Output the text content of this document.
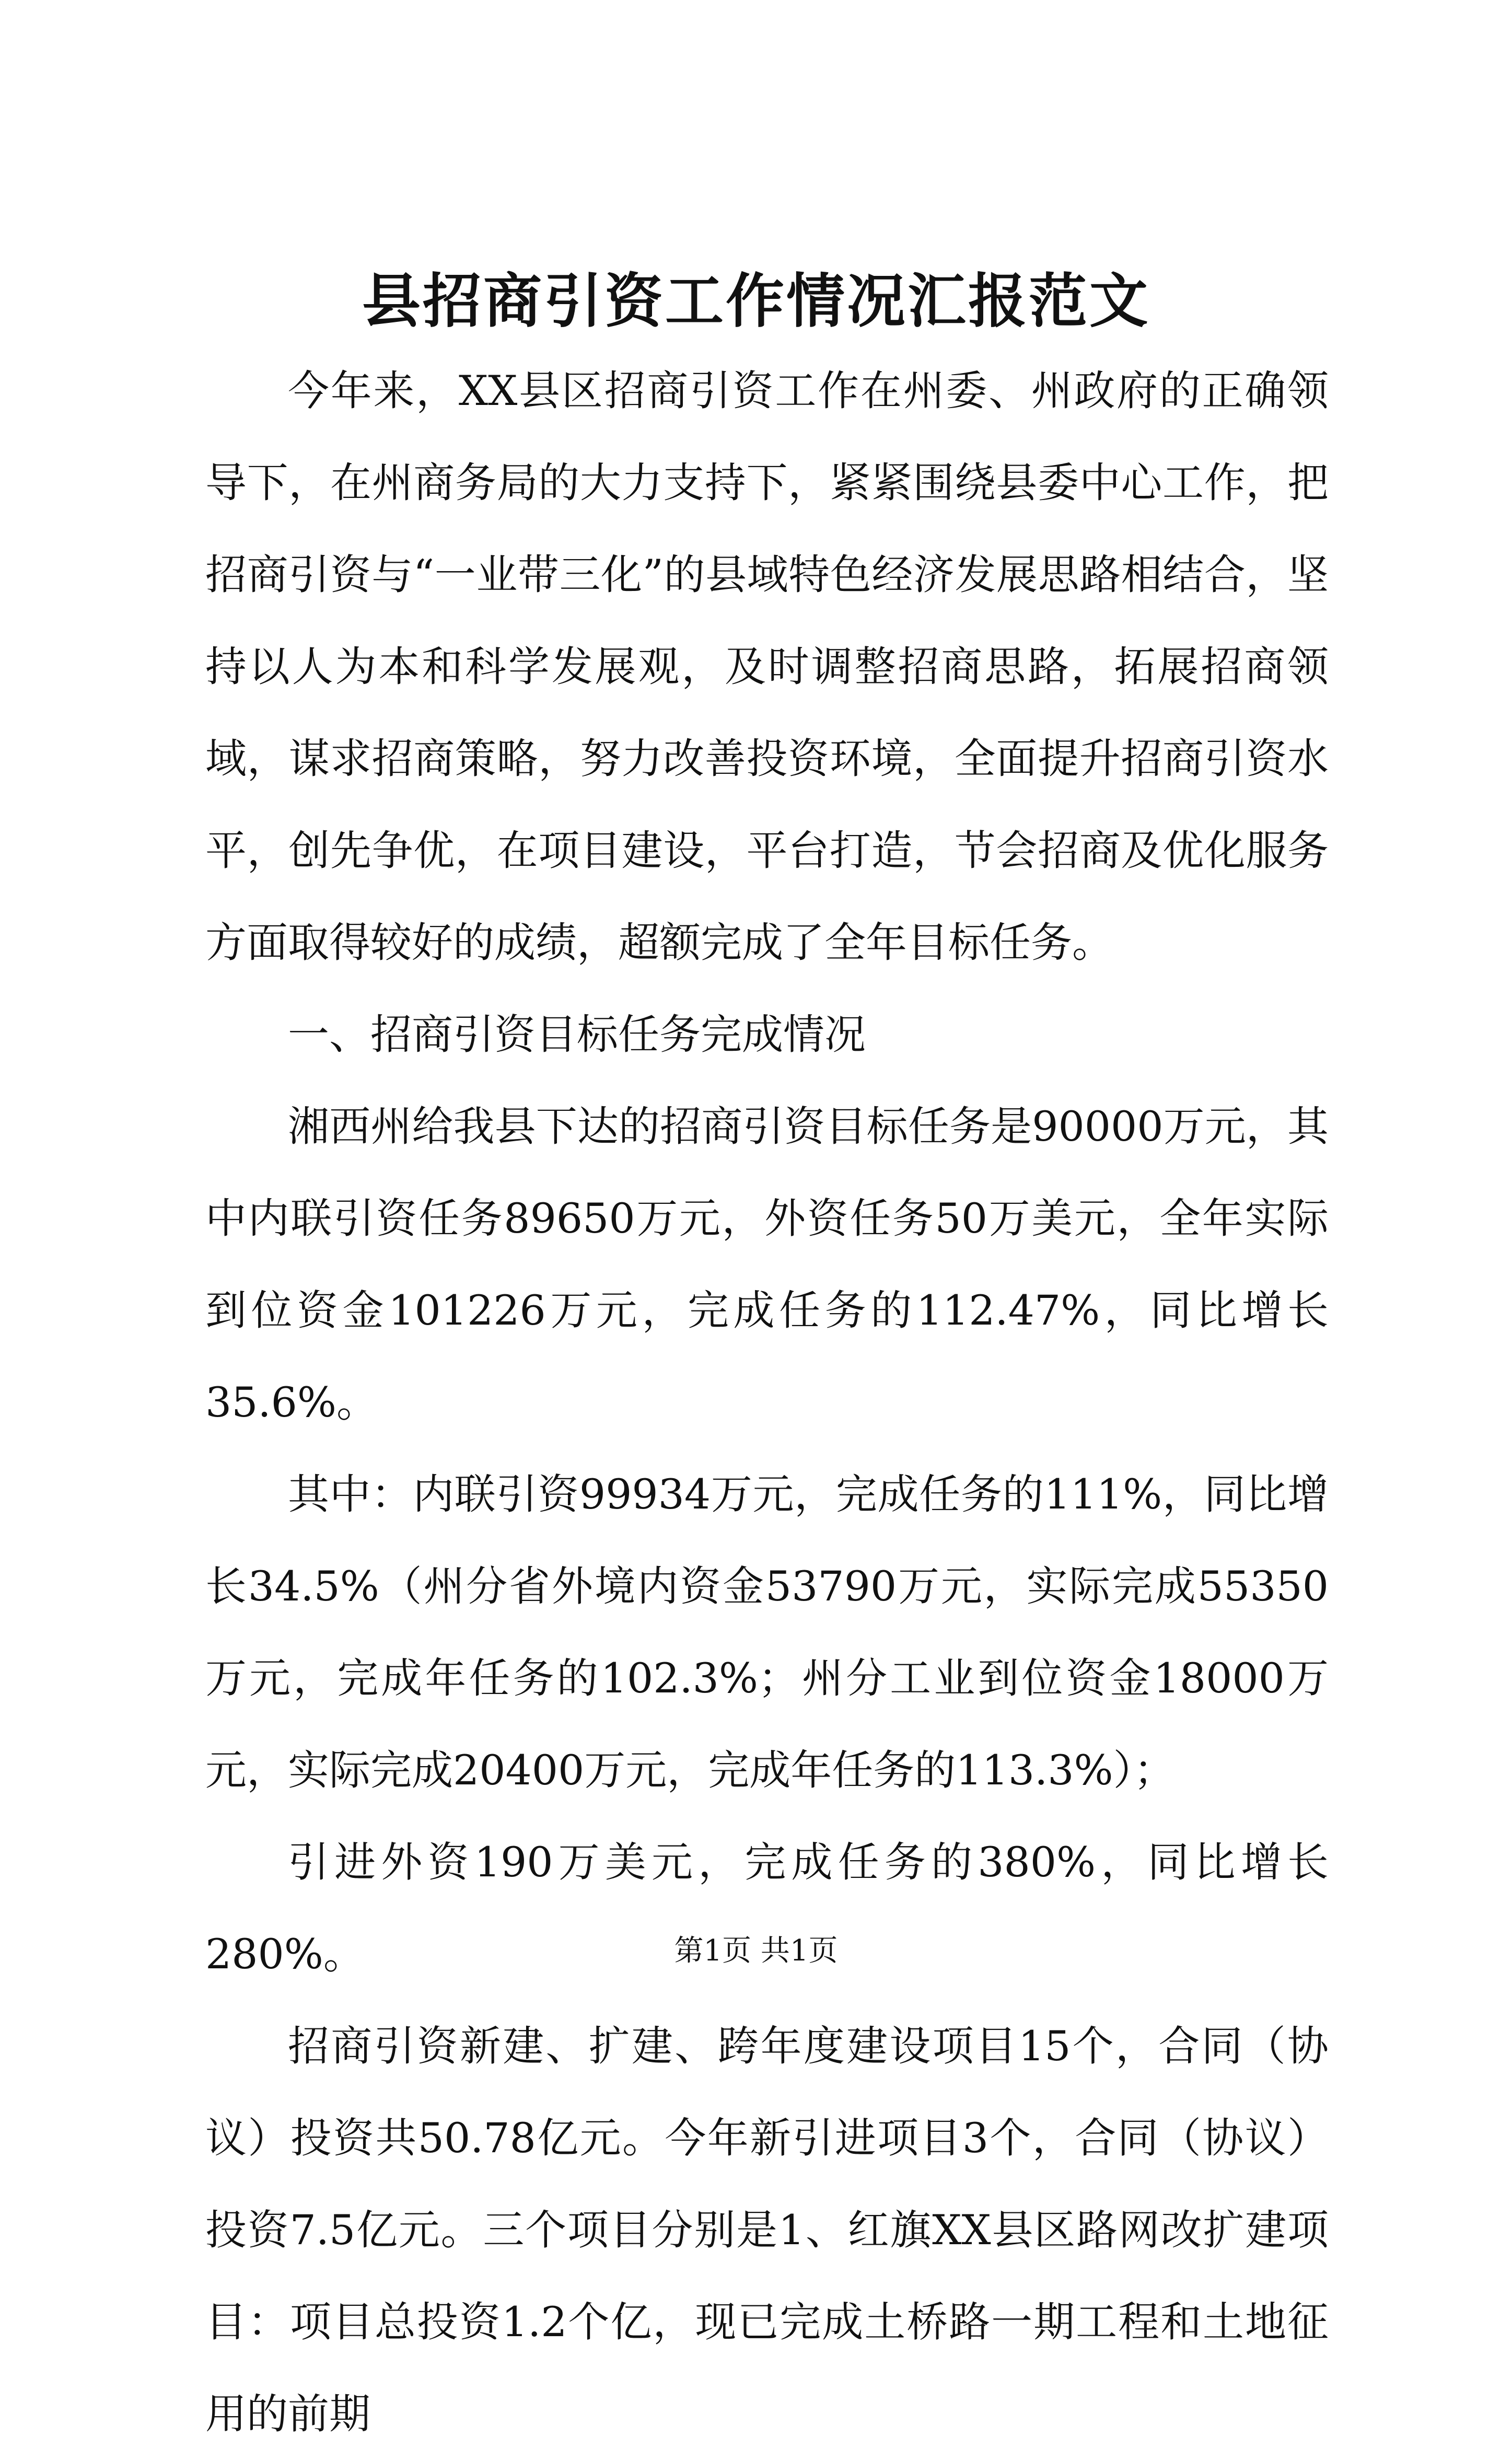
县招商引资工作情况汇报范文

今年来，XX县区招商引资工作在州委、州政府的正确领导下，在州商务局的大力支持下，紧紧围绕县委中心工作，把招商引资与“一业带三化”的县域特色经济发展思路相结合，坚持以人为本和科学发展观，及时调整招商思路，拓展招商领域，谋求招商策略，努力改善投资环境，全面提升招商引资水平，创先争优，在项目建设，平台打造，节会招商及优化服务方面取得较好的成绩，超额完成了全年目标任务。

一、招商引资目标任务完成情况

湘西州给我县下达的招商引资目标任务是90000万元，其中内联引资任务89650万元，外资任务50万美元，全年实际到位资金101226万元，完成任务的112.47%，同比增长35.6%。

其中：内联引资99934万元，完成任务的111%，同比增长34.5%（州分省外境内资金53790万元，实际完成55350万元，完成年任务的102.3%；州分工业到位资金18000万元，实际完成20400万元，完成年任务的113.3%）；

引进外资190万美元，完成任务的380%，同比增长280%。

招商引资新建、扩建、跨年度建设项目15个，合同（协议）投资共50.78亿元。今年新引进项目3个，合同（协议）投资7.5亿元。三个项目分别是1、红旗XX县区路网改扩建项目：项目总投资1.2个亿，现已完成土桥路一期工程和土地征用的前期

第1页 共1页
